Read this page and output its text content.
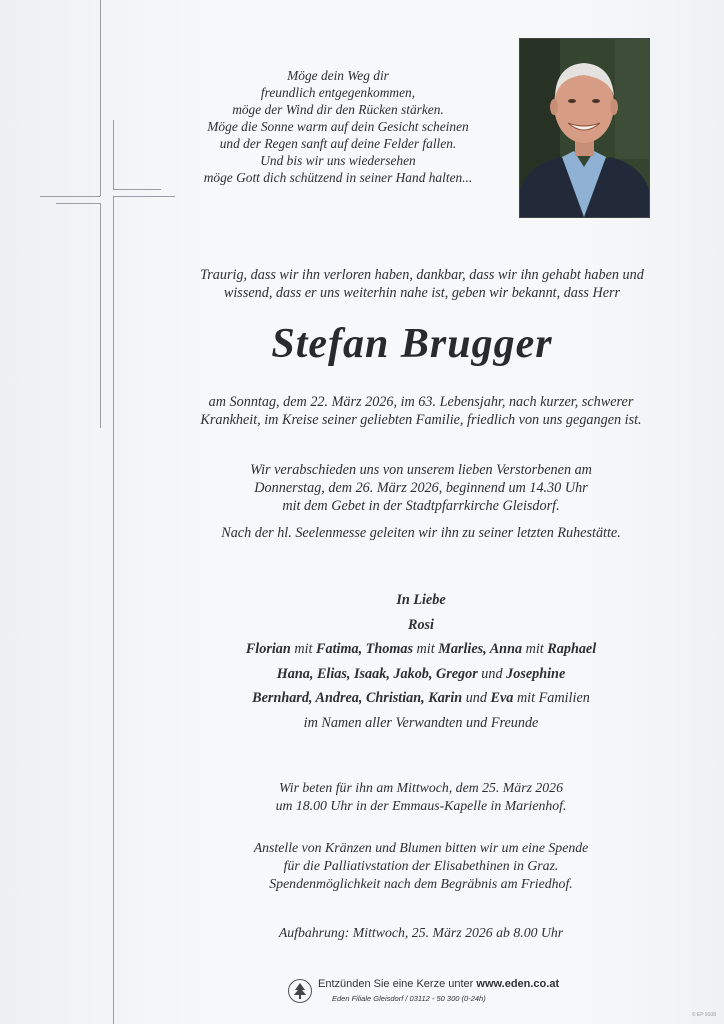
Möge dein Weg dir
freundlich entgegenkommen,
möge der Wind dir den Rücken stärken.
Möge die Sonne warm auf dein Gesicht scheinen
und der Regen sanft auf deine Felder fallen.
Und bis wir uns wiedersehen
möge Gott dich schützend in seiner Hand halten...
Traurig, dass wir ihn verloren haben, dankbar, dass wir ihn gehabt haben und
wissend, dass er uns weiterhin nahe ist, geben wir bekannt, dass Herr
Stefan Brugger
am Sonntag, dem 22. März 2026, im 63. Lebensjahr, nach kurzer, schwerer
Krankheit, im Kreise seiner geliebten Familie, friedlich von uns gegangen ist.
Wir verabschieden uns von unserem lieben Verstorbenen am
Donnerstag, dem 26. März 2026, beginnend um 14.30 Uhr
mit dem Gebet in der Stadtpfarrkirche Gleisdorf.
Nach der hl. Seelenmesse geleiten wir ihn zu seiner letzten Ruhestätte.
In Liebe
Rosi
Florian mit Fatima, Thomas mit Marlies, Anna mit Raphael
Hana, Elias, Isaak, Jakob, Gregor und Josephine
Bernhard, Andrea, Christian, Karin und Eva mit Familien
im Namen aller Verwandten und Freunde
Wir beten für ihn am Mittwoch, dem 25. März 2026
um 18.00 Uhr in der Emmaus-Kapelle in Marienhof.
Anstelle von Kränzen und Blumen bitten wir um eine Spende
für die Palliativstation der Elisabethinen in Graz.
Spendenmöglichkeit nach dem Begräbnis am Friedhof.
Aufbahrung: Mittwoch, 25. März 2026 ab 8.00 Uhr
Entzünden Sie eine Kerze unter www.eden.co.at
Eden Filiale Gleisdorf / 03112 - 50 300 (0-24h)
© EP 9108
